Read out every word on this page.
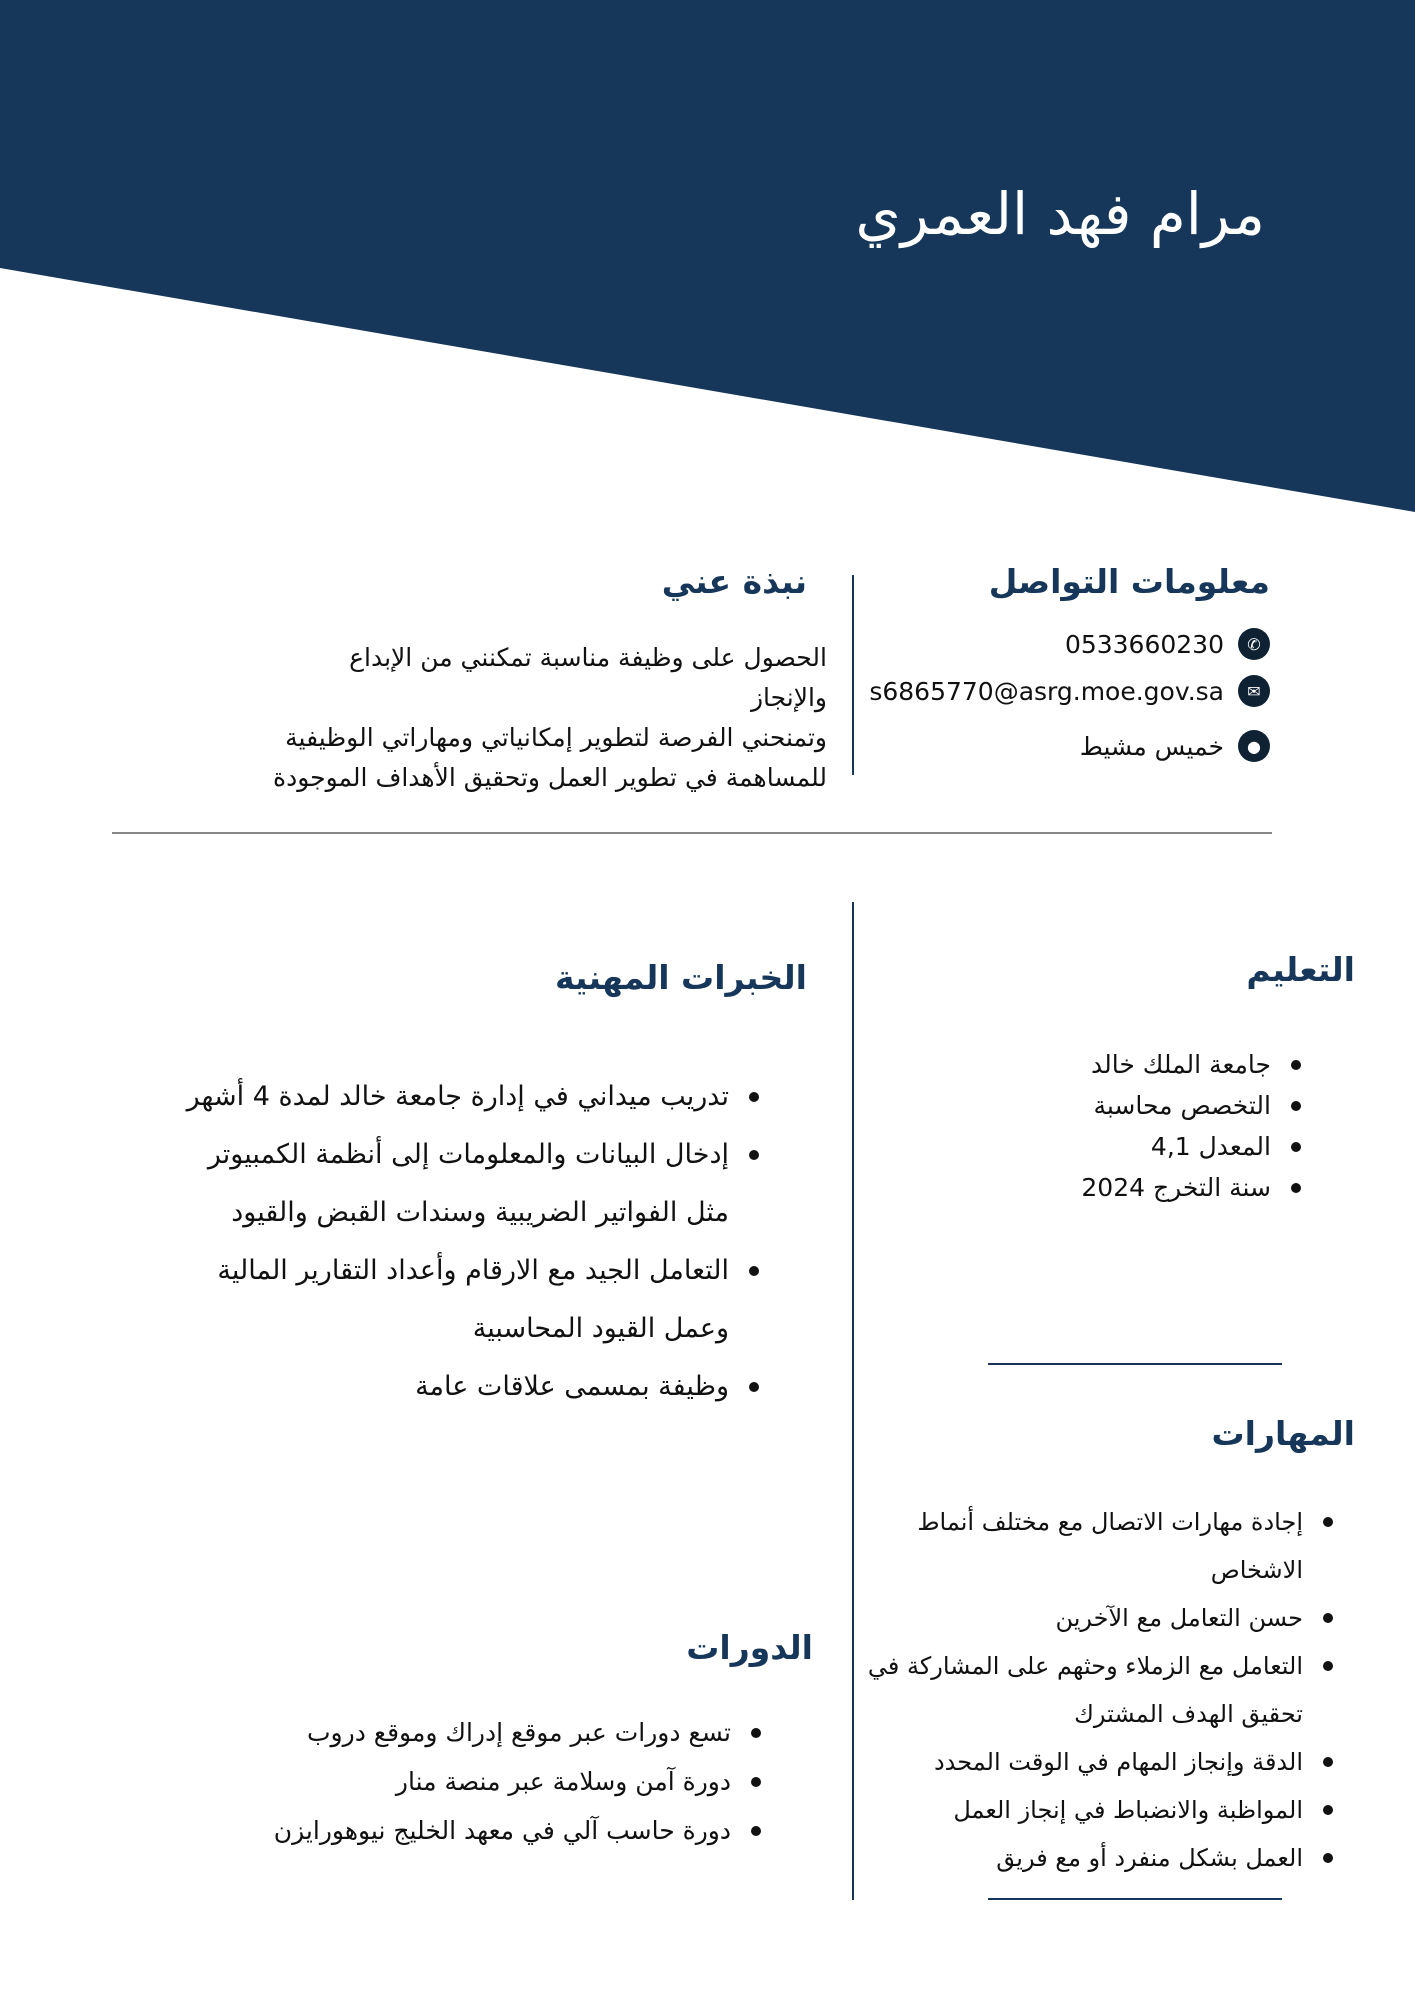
مرام فهد العمري
معلومات التواصل
✆
0533660230
✉
s6865770@asrg.moe.gov.sa
●
خميس مشيط
نبذة عني
الحصول على وظيفة مناسبة تمكنني من الإبداع والإنجاز
وتمنحني الفرصة لتطوير إمكانياتي ومهاراتي الوظيفية
للمساهمة في تطوير العمل وتحقيق الأهداف الموجودة
الخبرات المهنية
تدريب ميداني في إدارة جامعة خالد لمدة 4 أشهر
إدخال البيانات والمعلومات إلى أنظمة الكمبيوتر مثل الفواتير الضريبية وسندات القبض والقيود
التعامل الجيد مع الارقام وأعداد التقارير المالية وعمل القيود المحاسبية
وظيفة بمسمى علاقات عامة
الدورات
تسع دورات عبر موقع إدراك وموقع دروب
دورة آمن وسلامة عبر منصة منار
دورة حاسب آلي في معهد الخليج نيوهورايزن
التعليم
جامعة الملك خالد
التخصص محاسبة
المعدل 4,1
سنة التخرج 2024
المهارات
إجادة مهارات الاتصال مع مختلف أنماط الاشخاص
حسن التعامل مع الآخرين
التعامل مع الزملاء وحثهم على المشاركة في تحقيق الهدف المشترك
الدقة وإنجاز المهام في الوقت المحدد
المواظبة والانضباط في إنجاز العمل
العمل بشكل منفرد أو مع فريق
